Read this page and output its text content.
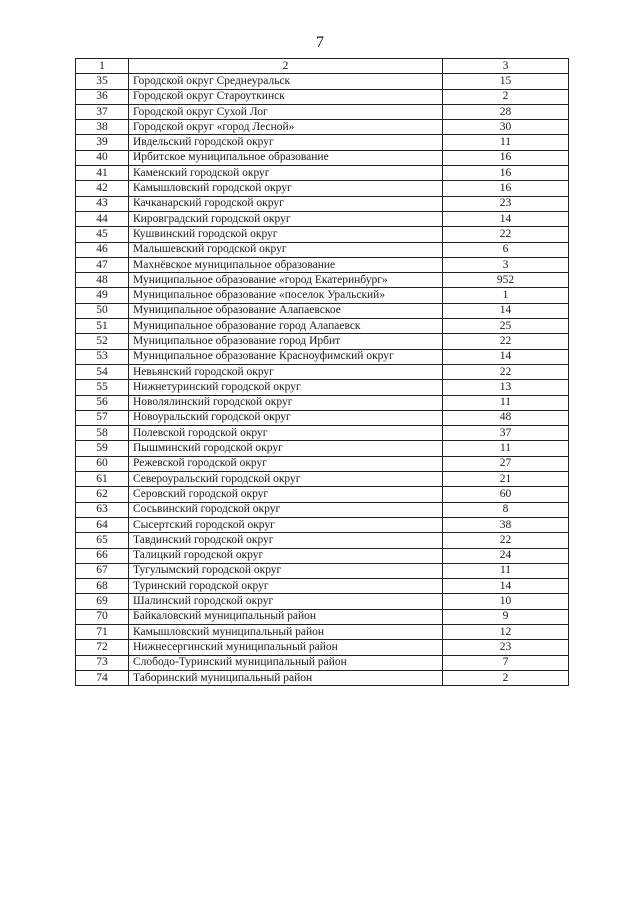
7
1	2	3
35	Городской округ Среднеуральск	15
36	Городской округ Староуткинск	2
37	Городской округ Сухой Лог	28
38	Городской округ «город Лесной»	30
39	Ивдельский городской округ	11
40	Ирбитское муниципальное образование	16
41	Каменский городской округ	16
42	Камышловский городской округ	16
43	Качканарский городской округ	23
44	Кировградский городской округ	14
45	Кушвинский городской округ	22
46	Малышевский городской округ	6
47	Махнёвское муниципальное образование	3
48	Муниципальное образование «город Екатеринбург»	952
49	Муниципальное образование «поселок Уральский»	1
50	Муниципальное образование Алапаевское	14
51	Муниципальное образование город Алапаевск	25
52	Муниципальное образование город Ирбит	22
53	Муниципальное образование Красноуфимский округ	14
54	Невьянский городской округ	22
55	Нижнетуринский городской округ	13
56	Новолялинский городской округ	11
57	Новоуральский городской округ	48
58	Полевской городской округ	37
59	Пышминский городской округ	11
60	Режевской городской округ	27
61	Североуральский городской округ	21
62	Серовский городской округ	60
63	Сосьвинский городской округ	8
64	Сысертский городской округ	38
65	Тавдинский городской округ	22
66	Талицкий городской округ	24
67	Тугулымский городской округ	11
68	Туринский городской округ	14
69	Шалинский городской округ	10
70	Байкаловский муниципальный район	9
71	Камышловский муниципальный район	12
72	Нижнесергинский муниципальный район	23
73	Слободо-Туринский муниципальный район	7
74	Таборинский муниципальный район	2
